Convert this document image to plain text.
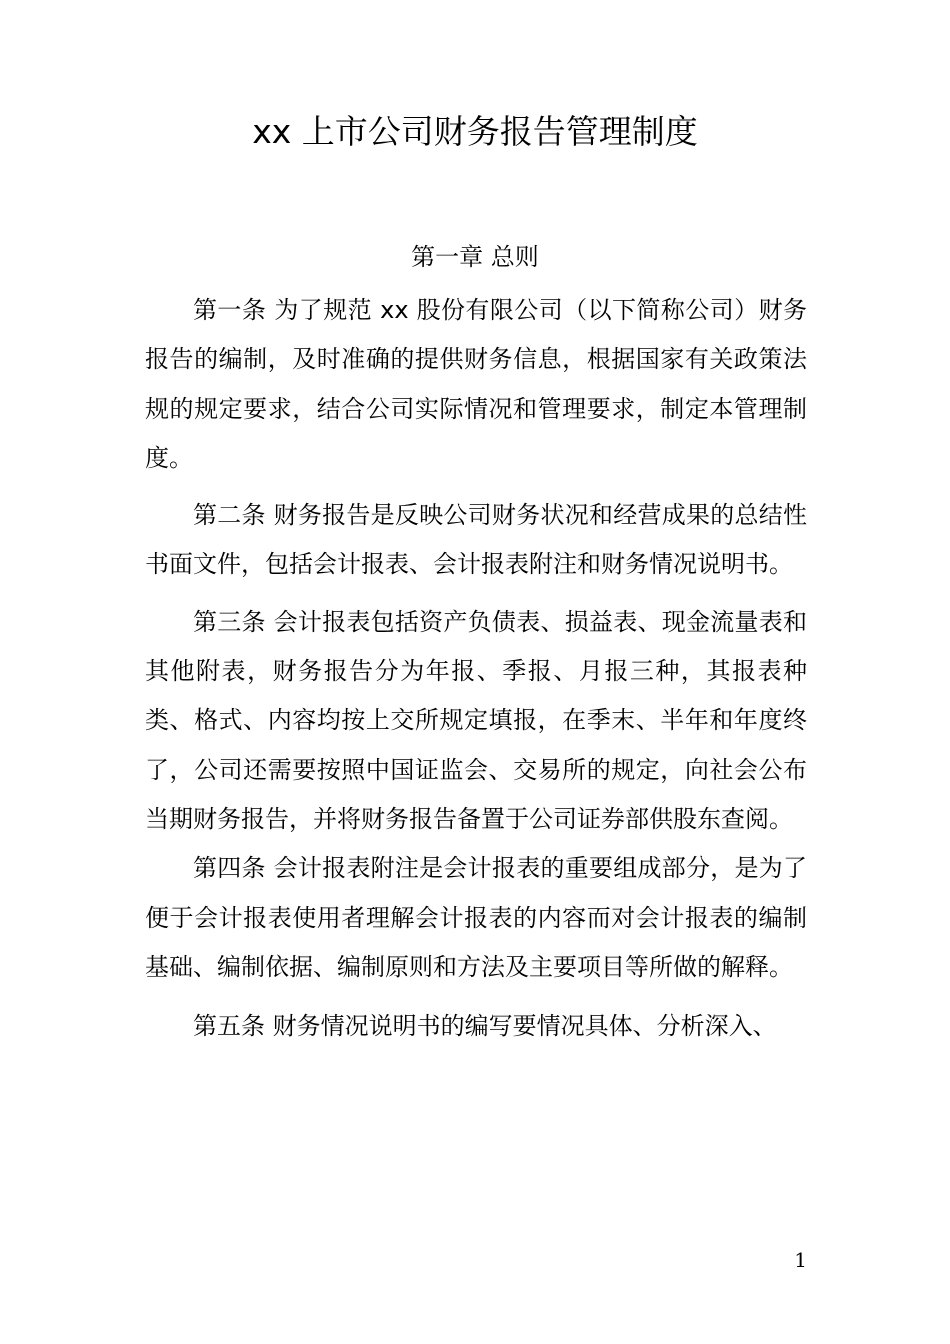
xx 上市公司财务报告管理制度
第一章 总则

第一条 为了规范 xx 股份有限公司（以下简称公司）财务报告的编制，及时准确的提供财务信息，根据国家有关政策法规的规定要求，结合公司实际情况和管理要求，制定本管理制度。

第二条 财务报告是反映公司财务状况和经营成果的总结性书面文件，包括会计报表、会计报表附注和财务情况说明书。

第三条 会计报表包括资产负债表、损益表、现金流量表和其他附表，财务报告分为年报、季报、月报三种，其报表种类、格式、内容均按上交所规定填报，在季末、半年和年度终了，公司还需要按照中国证监会、交易所的规定，向社会公布当期财务报告，并将财务报告备置于公司证券部供股东查阅。

第四条 会计报表附注是会计报表的重要组成部分，是为了便于会计报表使用者理解会计报表的内容而对会计报表的编制基础、编制依据、编制原则和方法及主要项目等所做的解释。

第五条 财务情况说明书的编写要情况具体、分析深入、

1
